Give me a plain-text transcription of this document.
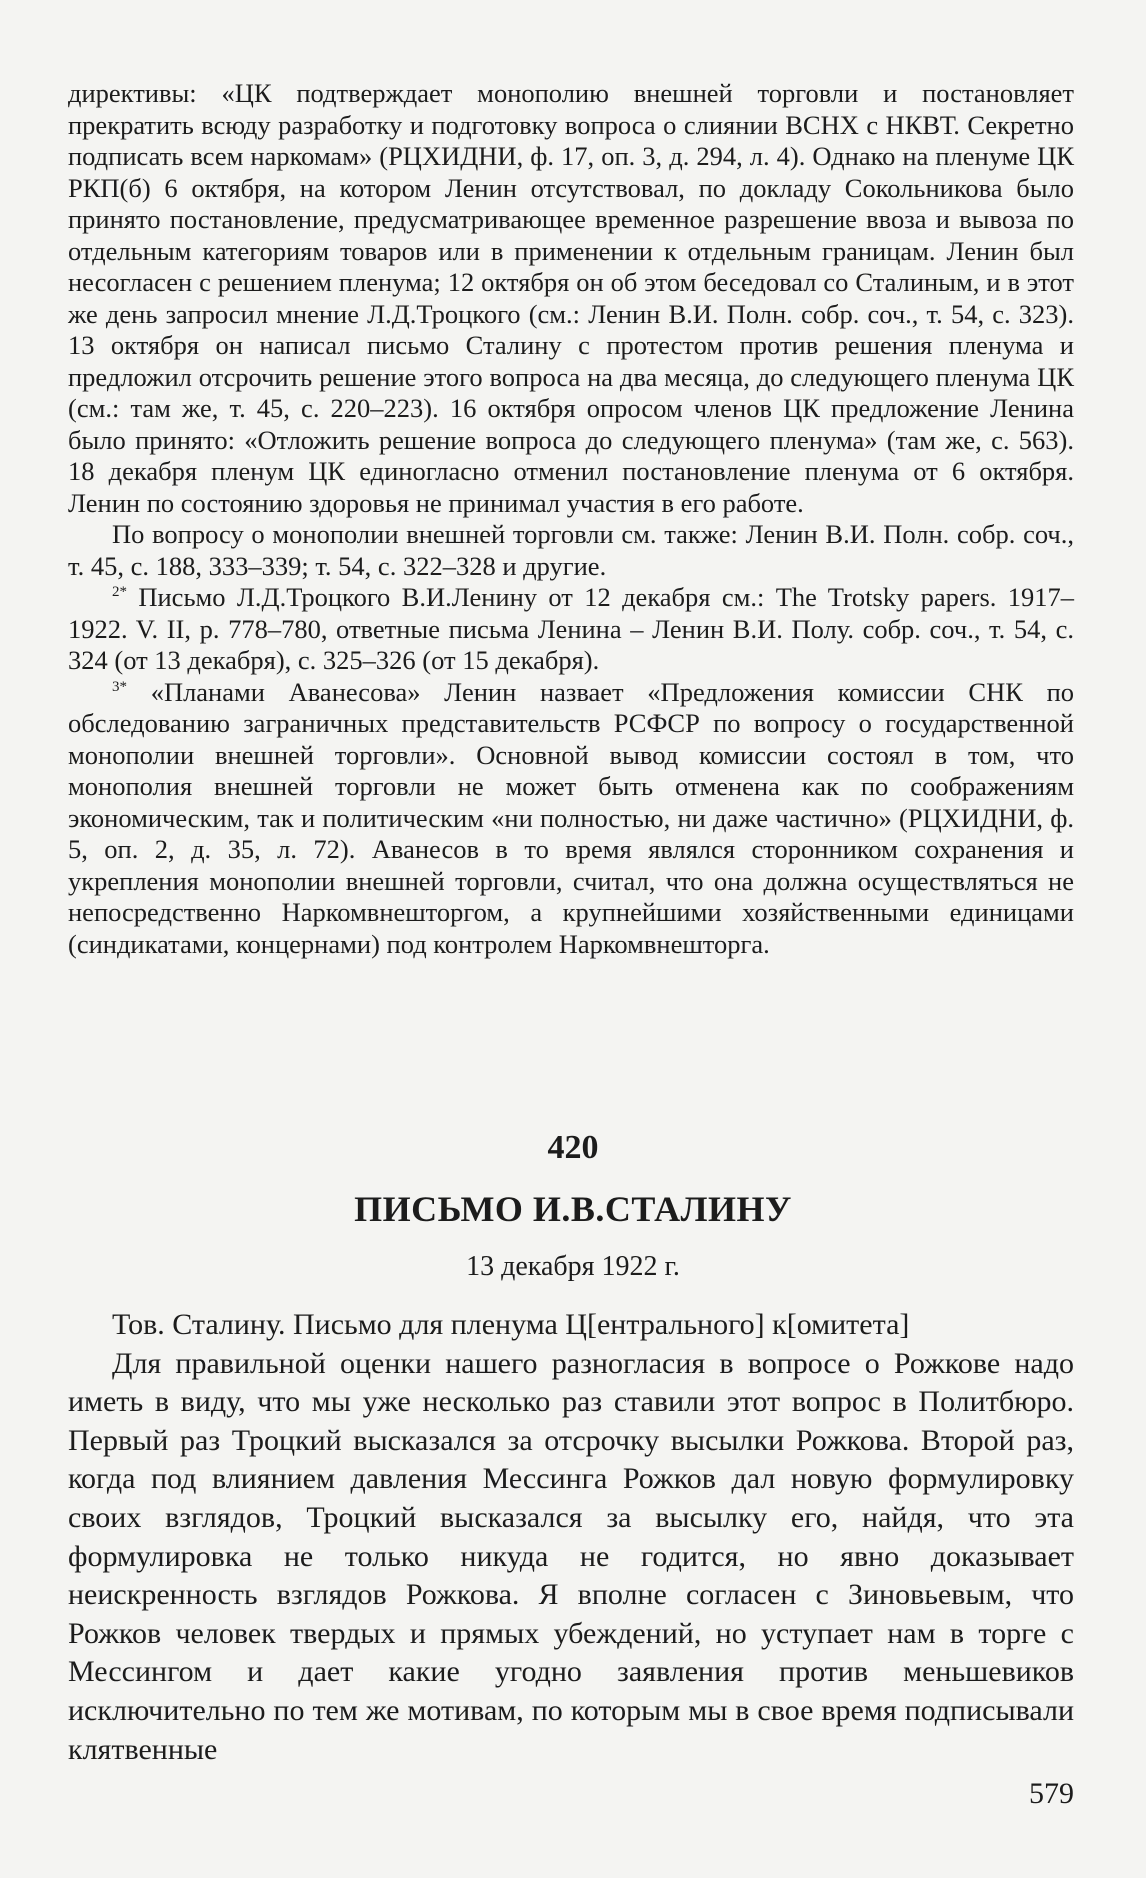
директивы: «ЦК подтверждает монополию внешней торговли и постановляет прекратить всюду разработку и подготовку вопроса о слиянии ВСНХ с НКВТ. Секретно подписать всем наркомам» (РЦХИДНИ, ф. 17, оп. 3, д. 294, л. 4). Однако на пленуме ЦК РКП(б) 6 октября, на котором Ленин отсутствовал, по докладу Сокольникова было принято постановление, предусматривающее временное разрешение ввоза и вывоза по отдельным категориям товаров или в применении к отдельным границам. Ленин был несогласен с решением пленума; 12 октября он об этом беседовал со Сталиным, и в этот же день запросил мнение Л.Д.Троцкого (см.: Ленин В.И. Полн. собр. соч., т. 54, с. 323). 13 октября он написал письмо Сталину с протестом против решения пленума и предложил отсрочить решение этого вопроса на два месяца, до следующего пленума ЦК (см.: там же, т. 45, с. 220–223). 16 октября опросом членов ЦК предложение Ленина было принято: «Отложить решение вопроса до следующего пленума» (там же, с. 563). 18 декабря пленум ЦК единогласно отменил постановление пленума от 6 октября. Ленин по состоянию здоровья не принимал участия в его работе.

По вопросу о монополии внешней торговли см. также: Ленин В.И. Полн. собр. соч., т. 45, с. 188, 333–339; т. 54, с. 322–328 и другие.

$^{2*}$ Письмо Л.Д.Троцкого В.И.Ленину от 12 декабря см.: The Trotsky papers. 1917–1922. V. II, p. 778–780, ответные письма Ленина – Ленин В.И. Полу. собр. соч., т. 54, с. 324 (от 13 декабря), с. 325–326 (от 15 декабря).

$^{3*}$ «Планами Аванесова» Ленин назвает «Предложения комиссии СНК по обследованию заграничных представительств РСФСР по вопросу о государственной монополии внешней торговли». Основной вывод комиссии состоял в том, что монополия внешней торговли не может быть отменена как по соображениям экономическим, так и политическим «ни полностью, ни даже частично» (РЦХИДНИ, ф. 5, оп. 2, д. 35, л. 72). Аванесов в то время являлся сторонником сохранения и укрепления монополии внешней торговли, считал, что она должна осуществляться не непосредственно Наркомвнешторгом, а крупнейшими хозяйственными единицами (синдикатами, концернами) под контролем Наркомвнешторга.

420
ПИСЬМО И.В.СТАЛИНУ
13 декабря 1922 г.

Тов. Сталину. Письмо для пленума Ц[ентрального] к[омитета]

Для правильной оценки нашего разногласия в вопросе о Рожкове надо иметь в виду, что мы уже несколько раз ставили этот вопрос в Политбюро. Первый раз Троцкий высказался за отсрочку высылки Рожкова. Второй раз, когда под влиянием давления Мессинга Рожков дал новую формулировку своих взглядов, Троцкий высказался за высылку его, найдя, что эта формулировка не только никуда не годится, но явно доказывает неискренность взглядов Рожкова. Я вполне согласен с Зиновьевым, что Рожков человек твердых и прямых убеждений, но уступает нам в торге с Мессингом и дает какие угодно заявления против меньшевиков исключительно по тем же мотивам, по которым мы в свое время подписывали клятвенные

579
